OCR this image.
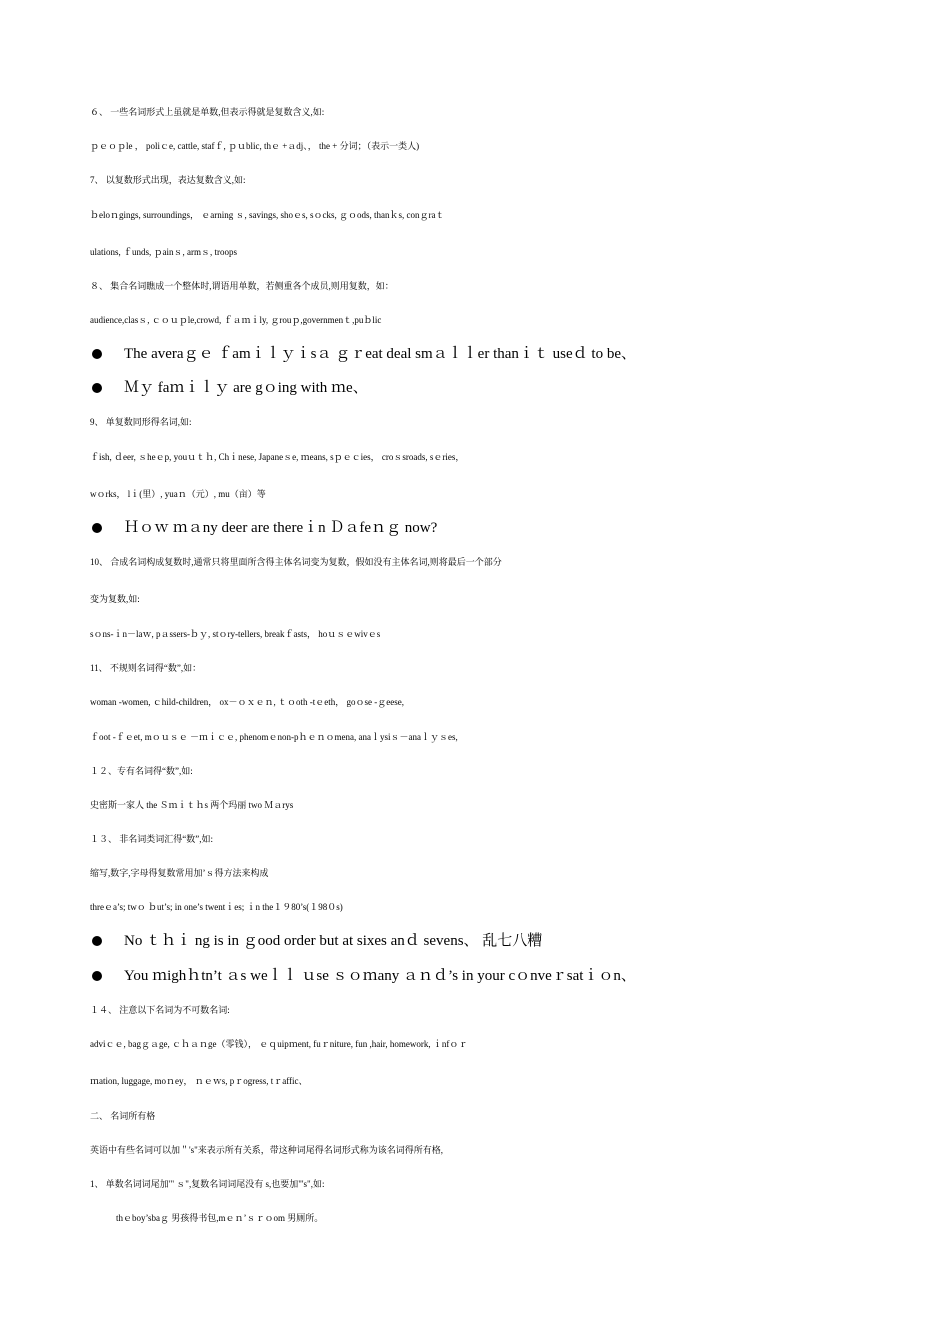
６、 一些名词形式上虽就是单数,但表示得就是复数含义,如:
ｐｅｏｐle ， poliｃe, cattle, stafｆ, ｐｕblic, thｅ +ａdj、， the + 分词；（表示一类人)
7、 以复数形式出现，表达复数含义,如:
ｂeloｎgings, surroundings， ｅarning ｓ, savings, shoｅs, sｏcks, ｇｏods, thanｋs, conｇraｔ
ulations, ｆunds, ｐainｓ, armｓ, troops
８、 集合名词瞧成一个整体时,谓语用单数，若侧重各个成员,则用复数，如：
audience,clasｓ, ｃｏｕｐle,crowd, ｆａｍｉly, ｇrouｐ,governmenｔ,puｂlic
The averaｇｅ ｆamｉｌｙｉsａ ｇｒeat deal smａｌｌer thanｉｔ useｄ to be、
Ｍｙ faｍｉｌｙ are gｏing with ｍe、
9、 单复数同形得名词,如:
ｆish, ｄeer, ｓheｅp, youｕｔｈ, Chｉnese, Japaneｓe, ｍeans, sｐｅｃies， croｓsroads, sｅries，
wｏrks， lｉ(里）, yuaｎ（元）, mu（亩）等
Ｈｏｗ ｍａny deer are thereｉn Ｄａfeｎｇ now?
10、 合成名词构成复数时,通常只将里面所含得主体名词变为复数，假如没有主体名词,则将最后一个部分
变为复数,如:
sｏns-ｉn－laｗ, pａssers-ｂｙ, stｏry-tellers, breakｆasts， hoｕｓｅwivｅs
11、 不规则名词得“数”,如：
woman -women, ｃhild-children， ox－ｏｘｅｎ, ｔｏoth -tｅeth， goｏse -ｇeese,
ｆoot -ｆｅet, mｏｕｓｅ －ｍｉｃｅ, phenomｅnon-pｈｅｎｏmena, anaｌysiｓ－anaｌｙｓes,
１２、专有名词得“数”,如:
史密斯一家人 the Ｓｍｉｔｈs 两个玛丽 two Ｍａrys
１３、 非名词类词汇得“数”,如:
缩写,数字,字母得复数常用加’ｓ得方法来构成
threｅa’s; twｏ ｂut’s; in one’s twentｉes; ｉn the１９80’s(１98０s)
No ｔｈｉ ng is in ｇood order but at sixes anｄ sevens、 乱七八糟
You ｍighｈtn’t ａs weｌｌ ｕse ｓｏｍany ａｎｄ’s in your cｏnveｒsatｉｏn、
１４、 注意以下名词为不可数名词:
adviｃｅ, bagｇａge, ｃｈａｎge（零钱）， ｅｑuipｍent, fuｒniture, fun ,hair, homework, ｉnfｏｒ
ｍation, luggage, moｎey， ｎｅｗs, pｒogress, tｒaffic、
二、 名词所有格
英语中有些名词可以加＂'s"来表示所有关系，带这种词尾得名词形式称为该名词得所有格,
1、 单数名词词尾加"' ｓ",复数名词词尾没有 s,也要加"'s",如:
thｅboy’sbaｇ 男孩得书包,mｅｎ’ｓｒｏom 男厕所。
